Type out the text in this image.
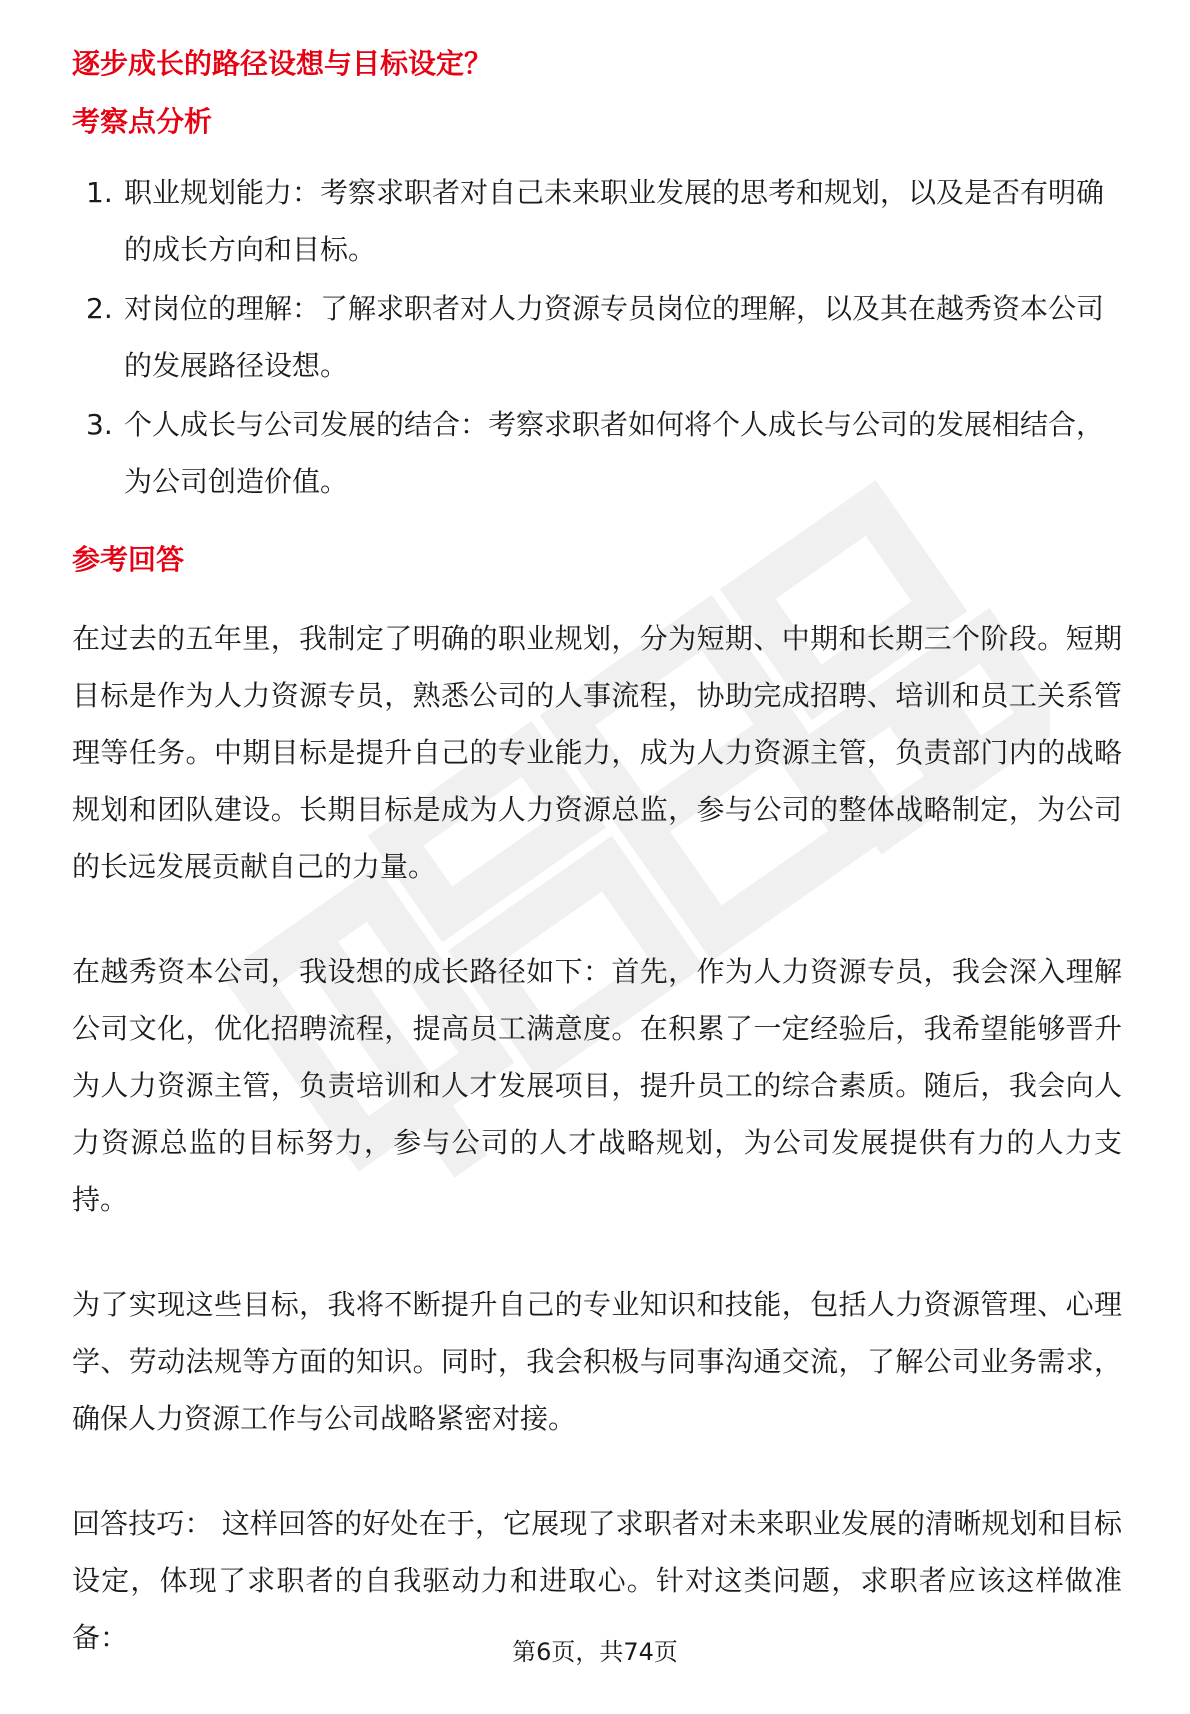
逐步成长的路径设想与目标设定？
考察点分析
1. 职业规划能力：考察求职者对自己未来职业发展的思考和规划，以及是否有明确的成长方向和目标。
2. 对岗位的理解：了解求职者对人力资源专员岗位的理解，以及其在越秀资本公司的发展路径设想。
3. 个人成长与公司发展的结合：考察求职者如何将个人成长与公司的发展相结合，为公司创造价值。
参考回答

在过去的五年里，我制定了明确的职业规划，分为短期、中期和长期三个阶段。短期目标是作为人力资源专员，熟悉公司的人事流程，协助完成招聘、培训和员工关系管理等任务。中期目标是提升自己的专业能力，成为人力资源主管，负责部门内的战略规划和团队建设。长期目标是成为人力资源总监，参与公司的整体战略制定，为公司的长远发展贡献自己的力量。

在越秀资本公司，我设想的成长路径如下：首先，作为人力资源专员，我会深入理解公司文化，优化招聘流程，提高员工满意度。在积累了一定经验后，我希望能够晋升为人力资源主管，负责培训和人才发展项目，提升员工的综合素质。随后，我会向人力资源总监的目标努力，参与公司的人才战略规划，为公司发展提供有力的人力支持。

为了实现这些目标，我将不断提升自己的专业知识和技能，包括人力资源管理、心理学、劳动法规等方面的知识。同时，我会积极与同事沟通交流，了解公司业务需求，确保人力资源工作与公司战略紧密对接。

回答技巧： 这样回答的好处在于，它展现了求职者对未来职业发展的清晰规划和目标设定，体现了求职者的自我驱动力和进取心。针对这类问题，求职者应该这样做准备：	第6页，共74页
